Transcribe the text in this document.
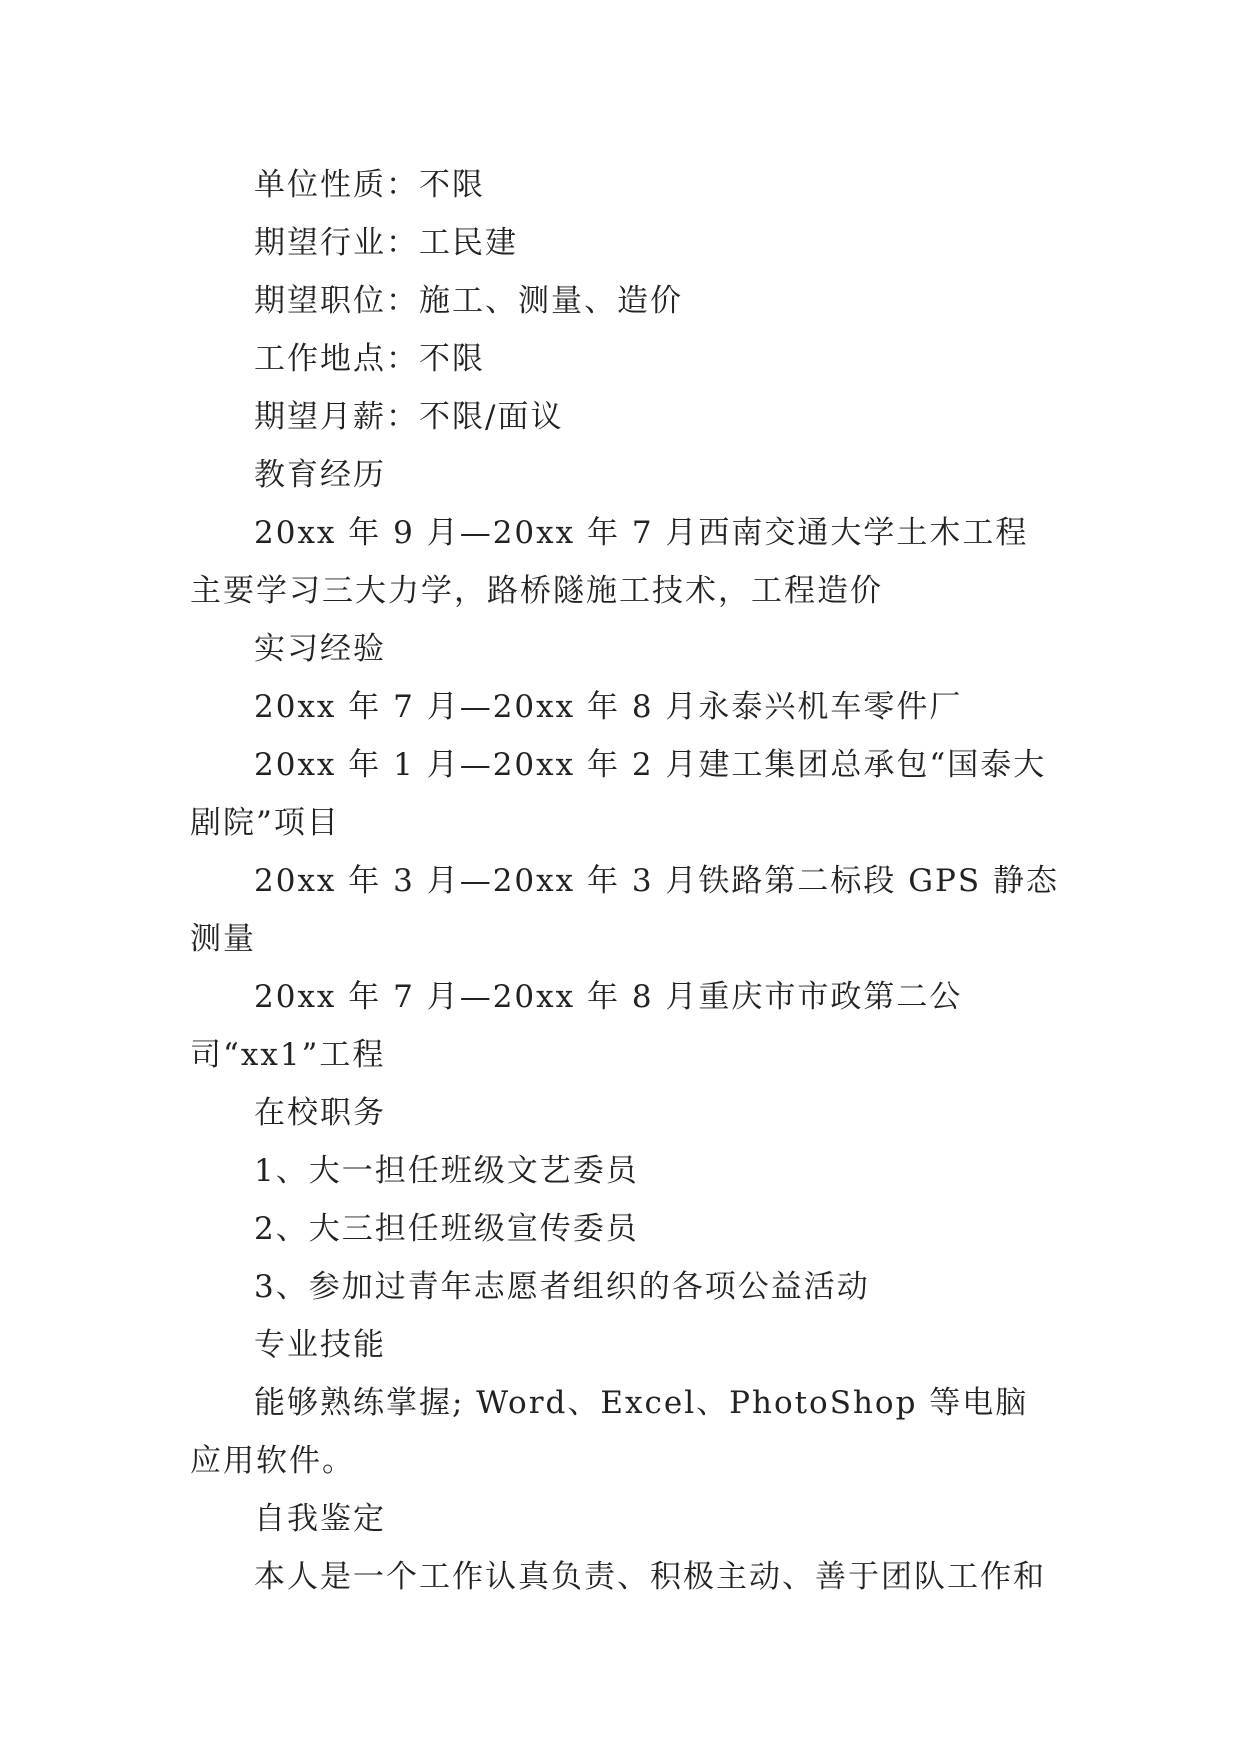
单位性质：不限

期望行业：工民建

期望职位：施工、测量、造价

工作地点：不限

期望月薪：不限/面议

教育经历

20xx 年 9 月—20xx 年 7 月西南交通大学土木工程主要学习三大力学，路桥隧施工技术，工程造价

实习经验

20xx 年 7 月—20xx 年 8 月永泰兴机车零件厂

20xx 年 1 月—20xx 年 2 月建工集团总承包“国泰大剧院”项目

20xx 年 3 月—20xx 年 3 月铁路第二标段 GPS 静态测量

20xx 年 7 月—20xx 年 8 月重庆市市政第二公司“xx1”工程

在校职务

1、大一担任班级文艺委员

2、大三担任班级宣传委员

3、参加过青年志愿者组织的各项公益活动

专业技能

能够熟练掌握; Word、Excel、PhotoShop 等电脑应用软件。

自我鉴定

本人是一个工作认真负责、积极主动、善于团队工作和
